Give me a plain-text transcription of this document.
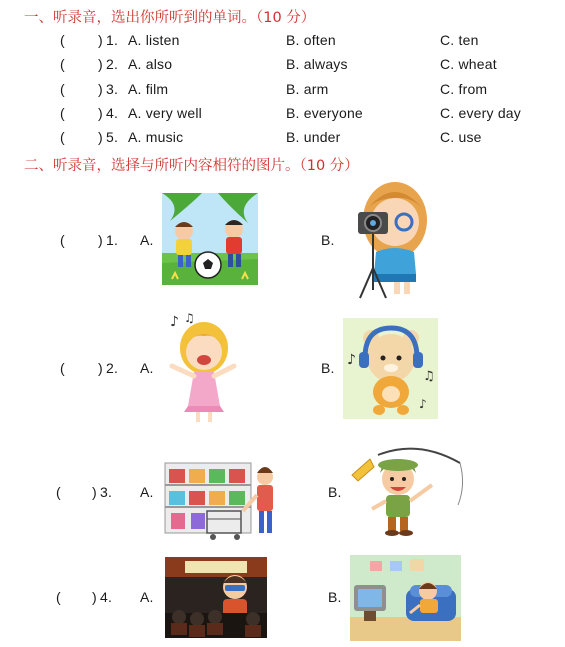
一、听录音，选出你所听到的单词。（10 分）
( ) 1. A. listen	B. often	C. ten
( ) 2. A. also	B. always	C. wheat
( ) 3. A. film	B. arm	C. from
( ) 4. A. very well	B. everyone	C. every day
( ) 5. A. music	B. under	C. use
二、听录音，选择与所听内容相符的图片。（10 分）
( ) 1. A.	B.
( ) 2. A.
♪ ♫
B. ♪
♫
♪
( ) 3. A.	B.
( ) 4. A.	B.
